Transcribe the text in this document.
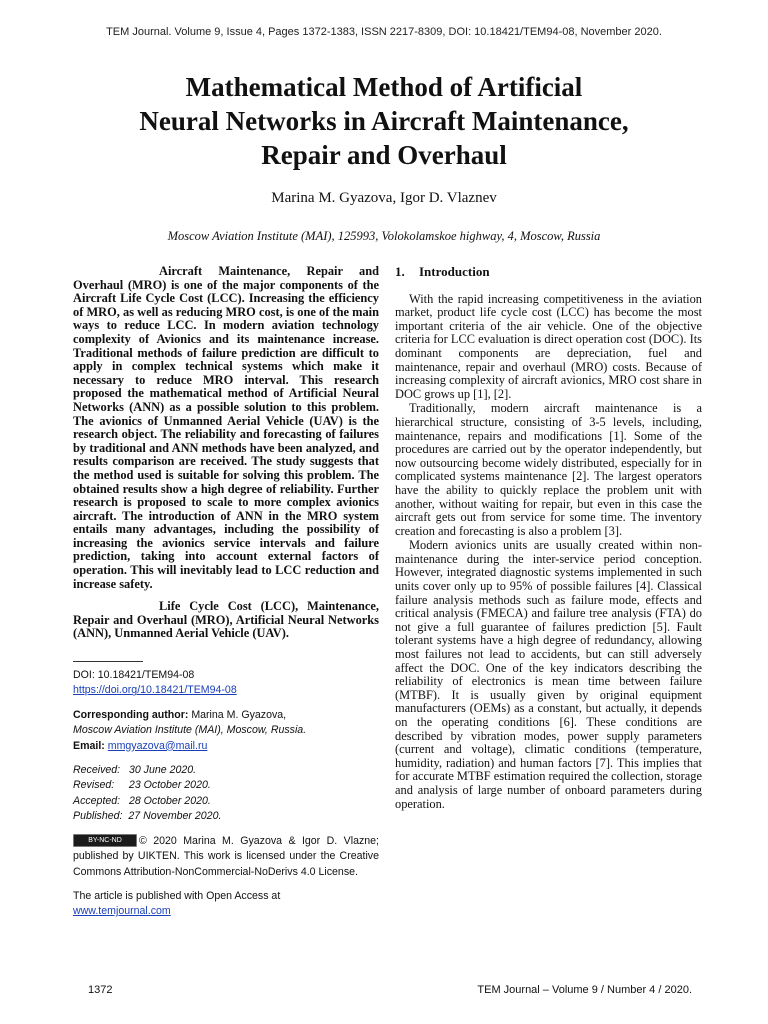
TEM Journal. Volume 9, Issue 4, Pages 1372-1383, ISSN 2217-8309, DOI: 10.18421/TEM94-08, November 2020.
Mathematical Method of Artificial
Neural Networks in Aircraft Maintenance,
Repair and Overhaul
Marina M. Gyazova, Igor D. Vlaznev
Moscow Aviation Institute (MAI), 125993, Volokolamskoe highway, 4, Moscow, Russia

Aircraft Maintenance, Repair and Overhaul (MRO) is one of the major components of the Aircraft Life Cycle Cost (LCC). Increasing the efficiency of MRO, as well as reducing MRO cost, is one of the main ways to reduce LCC. In modern aviation technology complexity of Avionics and its maintenance increase. Traditional methods of failure prediction are difficult to apply in complex technical systems which make it necessary to reduce MRO interval. This research proposed the mathematical method of Artificial Neural Networks (ANN) as a possible solution to this problem. The avionics of Unmanned Aerial Vehicle (UAV) is the research object. The reliability and forecasting of failures by traditional and ANN methods have been analyzed, and results comparison are received. The study suggests that the method used is suitable for solving this problem. The obtained results show a high degree of reliability. Further research is proposed to scale to more complex avionics aircraft. The introduction of ANN in the MRO system entails many advantages, including the possibility of increasing the avionics service intervals and failure prediction, taking into account external factors of operation. This will inevitably lead to LCC reduction and increase safety.

Life Cycle Cost (LCC), Maintenance, Repair and Overhaul (MRO), Artificial Neural Networks (ANN), Unmanned Aerial Vehicle (UAV).

DOI: 10.18421/TEM94-08

https://doi.org/10.18421/TEM94-08

Corresponding author: Marina M. Gyazova,

Moscow Aviation Institute (MAI), Moscow, Russia.

Email: mmgyazova@mail.ru

Received:   30 June 2020.

Revised:     23 October 2020.

Accepted:   28 October 2020.

Published:  27 November 2020.

BY-NC-ND © 2020 Marina M. Gyazova & Igor D. Vlazne; published by UIKTEN. This work is licensed under the Creative Commons Attribution-NonCommercial-NoDerivs 4.0 License.

The article is published with Open Access at

www.temjournal.com

1. Introduction

With the rapid increasing competitiveness in the aviation market, product life cycle cost (LCC) has become the most important criteria of the air vehicle. One of the objective criteria for LCC evaluation is direct operation cost (DOC). Its dominant components are depreciation, fuel and maintenance, repair and overhaul (MRO) costs. Because of increasing complexity of aircraft avionics, MRO cost share in DOC grows up [1], [2].

Traditionally, modern aircraft maintenance is a hierarchical structure, consisting of 3-5 levels, including, maintenance, repairs and modifications [1]. Some of the procedures are carried out by the operator independently, but now outsourcing become widely distributed, especially for in complicated systems maintenance [2]. The largest operators have the ability to quickly replace the problem unit with another, without waiting for repair, but even in this case the aircraft gets out from service for some time. The inventory creation and forecasting is also a problem [3].

Modern avionics units are usually created within non-maintenance during the inter-service period conception. However, integrated diagnostic systems implemented in such units cover only up to 95% of possible failures [4]. Classical failure analysis methods such as failure mode, effects and critical analysis (FMECA) and failure tree analysis (FTA) do not give a full guarantee of failures prediction [5]. Fault tolerant systems have a high degree of redundancy, allowing most failures not lead to accidents, but can still adversely affect the DOC. One of the key indicators describing the reliability of electronics is mean time between failure (MTBF). It is usually given by original equipment manufacturers (OEMs) as a constant, but actually, it depends on the operating conditions [6]. These conditions are described by vibration modes, power supply parameters (current and voltage), climatic conditions (temperature, humidity, radiation) and human factors [7]. This implies that for accurate MTBF estimation required the collection, storage and analysis of large number of onboard parameters during operation.

1372	TEM Journal – Volume 9 / Number 4 / 2020.
